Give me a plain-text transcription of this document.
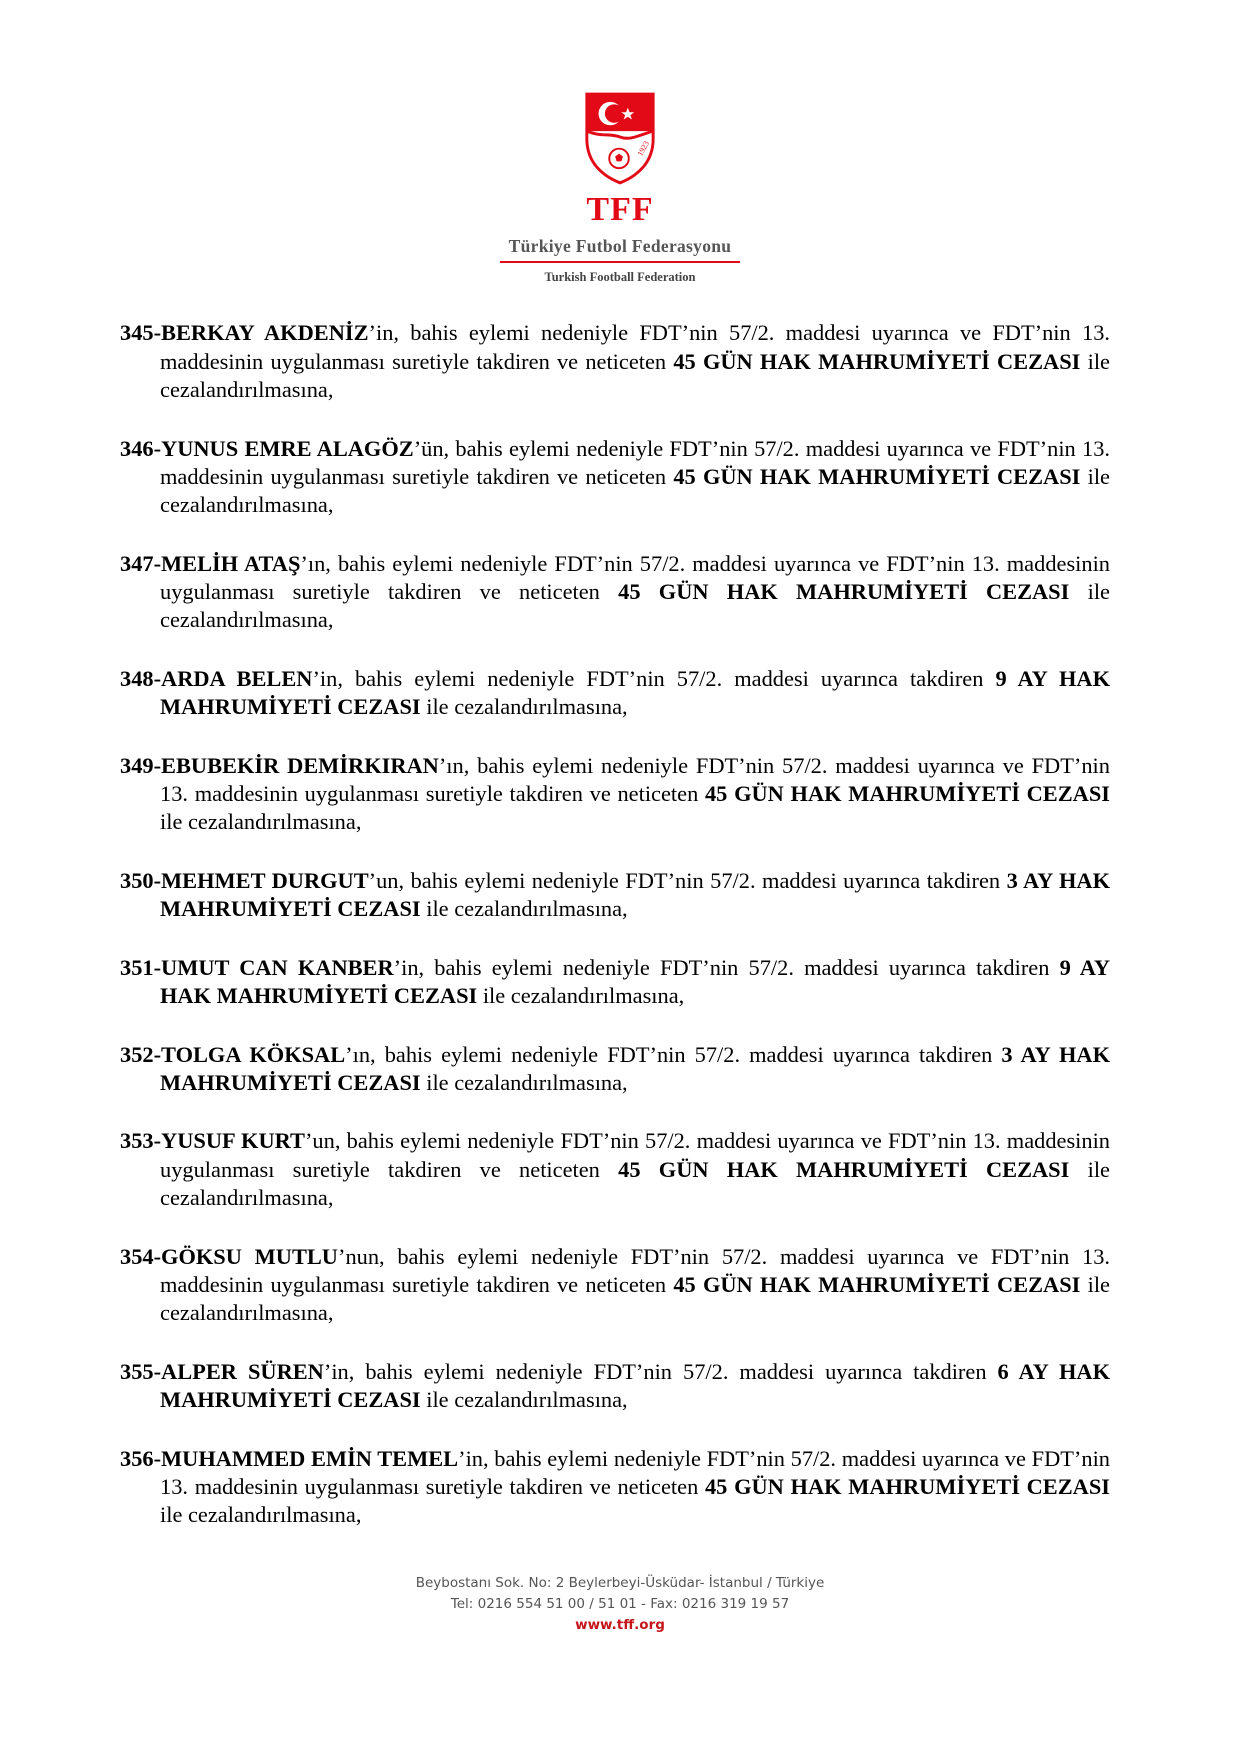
1923
TFF
Türkiye Futbol Federasyonu
Turkish Football Federation

345-BERKAY AKDENİZ’in, bahis eylemi nedeniyle FDT’nin 57/2. maddesi uyarınca ve FDT’nin 13. maddesinin uygulanması suretiyle takdiren ve neticeten 45 GÜN HAK MAHRUMİYETİ CEZASI ile cezalandırılmasına,

346-YUNUS EMRE ALAGÖZ’ün, bahis eylemi nedeniyle FDT’nin 57/2. maddesi uyarınca ve FDT’nin 13. maddesinin uygulanması suretiyle takdiren ve neticeten 45 GÜN HAK MAHRUMİYETİ CEZASI ile cezalandırılmasına,

347-MELİH ATAŞ’ın, bahis eylemi nedeniyle FDT’nin 57/2. maddesi uyarınca ve FDT’nin 13. maddesinin uygulanması suretiyle takdiren ve neticeten 45 GÜN HAK MAHRUMİYETİ CEZASI ile cezalandırılmasına,

348-ARDA BELEN’in, bahis eylemi nedeniyle FDT’nin 57/2. maddesi uyarınca takdiren 9 AY HAK MAHRUMİYETİ CEZASI ile cezalandırılmasına,

349-EBUBEKİR DEMİRKIRAN’ın, bahis eylemi nedeniyle FDT’nin 57/2. maddesi uyarınca ve FDT’nin 13. maddesinin uygulanması suretiyle takdiren ve neticeten 45 GÜN HAK MAHRUMİYETİ CEZASI ile cezalandırılmasına,

350-MEHMET DURGUT’un, bahis eylemi nedeniyle FDT’nin 57/2. maddesi uyarınca takdiren 3 AY HAK MAHRUMİYETİ CEZASI ile cezalandırılmasına,

351-UMUT CAN KANBER’in, bahis eylemi nedeniyle FDT’nin 57/2. maddesi uyarınca takdiren 9 AY HAK MAHRUMİYETİ CEZASI ile cezalandırılmasına,

352-TOLGA KÖKSAL’ın, bahis eylemi nedeniyle FDT’nin 57/2. maddesi uyarınca takdiren 3 AY HAK MAHRUMİYETİ CEZASI ile cezalandırılmasına,

353-YUSUF KURT’un, bahis eylemi nedeniyle FDT’nin 57/2. maddesi uyarınca ve FDT’nin 13. maddesinin uygulanması suretiyle takdiren ve neticeten 45 GÜN HAK MAHRUMİYETİ CEZASI ile cezalandırılmasına,

354-GÖKSU MUTLU’nun, bahis eylemi nedeniyle FDT’nin 57/2. maddesi uyarınca ve FDT’nin 13. maddesinin uygulanması suretiyle takdiren ve neticeten 45 GÜN HAK MAHRUMİYETİ CEZASI ile cezalandırılmasına,

355-ALPER SÜREN’in, bahis eylemi nedeniyle FDT’nin 57/2. maddesi uyarınca takdiren 6 AY HAK MAHRUMİYETİ CEZASI ile cezalandırılmasına,

356-MUHAMMED EMİN TEMEL’in, bahis eylemi nedeniyle FDT’nin 57/2. maddesi uyarınca ve FDT’nin 13. maddesinin uygulanması suretiyle takdiren ve neticeten 45 GÜN HAK MAHRUMİYETİ CEZASI ile cezalandırılmasına,

Beybostanı Sok. No: 2 Beylerbeyi-Üsküdar- İstanbul / Türkiye
Tel: 0216 554 51 00 / 51 01 - Fax: 0216 319 19 57
www.tff.org
